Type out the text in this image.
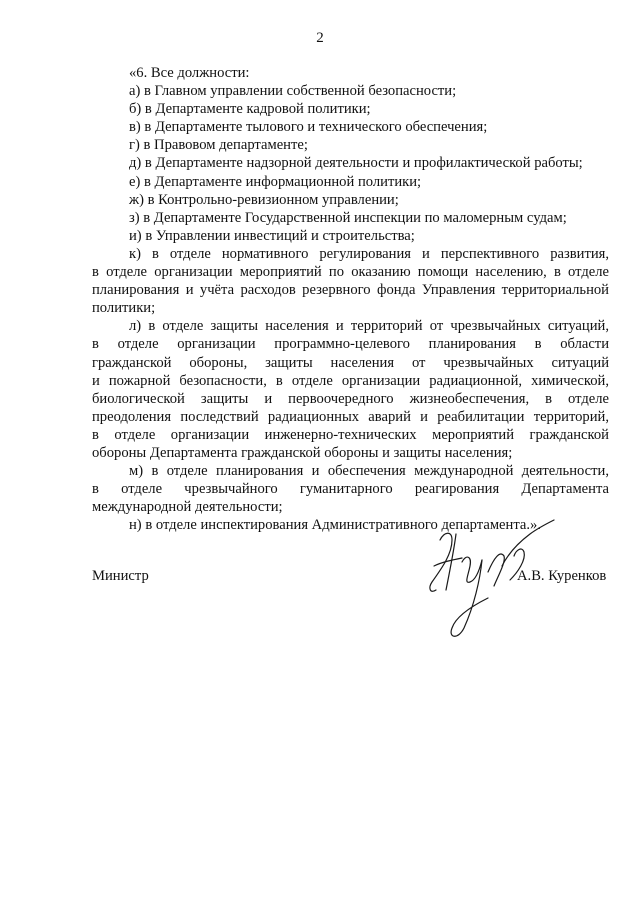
2
«6. Все должности:
а) в Главном управлении собственной безопасности;
б) в Департаменте кадровой политики;
в) в Департаменте тылового и технического обеспечения;
г) в Правовом департаменте;
д) в Департаменте надзорной деятельности и профилактической работы;
е) в Департаменте информационной политики;
ж) в Контрольно-ревизионном управлении;
з) в Департаменте Государственной инспекции по маломерным судам;
и) в Управлении инвестиций и строительства;
к) в отделе нормативного регулирования и перспективного развития,
в отделе организации мероприятий по оказанию помощи населению, в отделе
планирования и учёта расходов резервного фонда Управления территориальной
политики;
л) в отделе защиты населения и территорий от чрезвычайных ситуаций,
в отделе организации программно-целевого планирования в области
гражданской обороны, защиты населения от чрезвычайных ситуаций
и пожарной безопасности, в отделе организации радиационной, химической,
биологической защиты и первоочередного жизнеобеспечения, в отделе
преодоления последствий радиационных аварий и реабилитации территорий,
в отделе организации инженерно-технических мероприятий гражданской
обороны Департамента гражданской обороны и защиты населения;
м) в отделе планирования и обеспечения международной деятельности,
в отделе чрезвычайного гуманитарного реагирования Департамента
международной деятельности;
н) в отделе инспектирования Административного департамента.».
Министр	А.В. Куренков
